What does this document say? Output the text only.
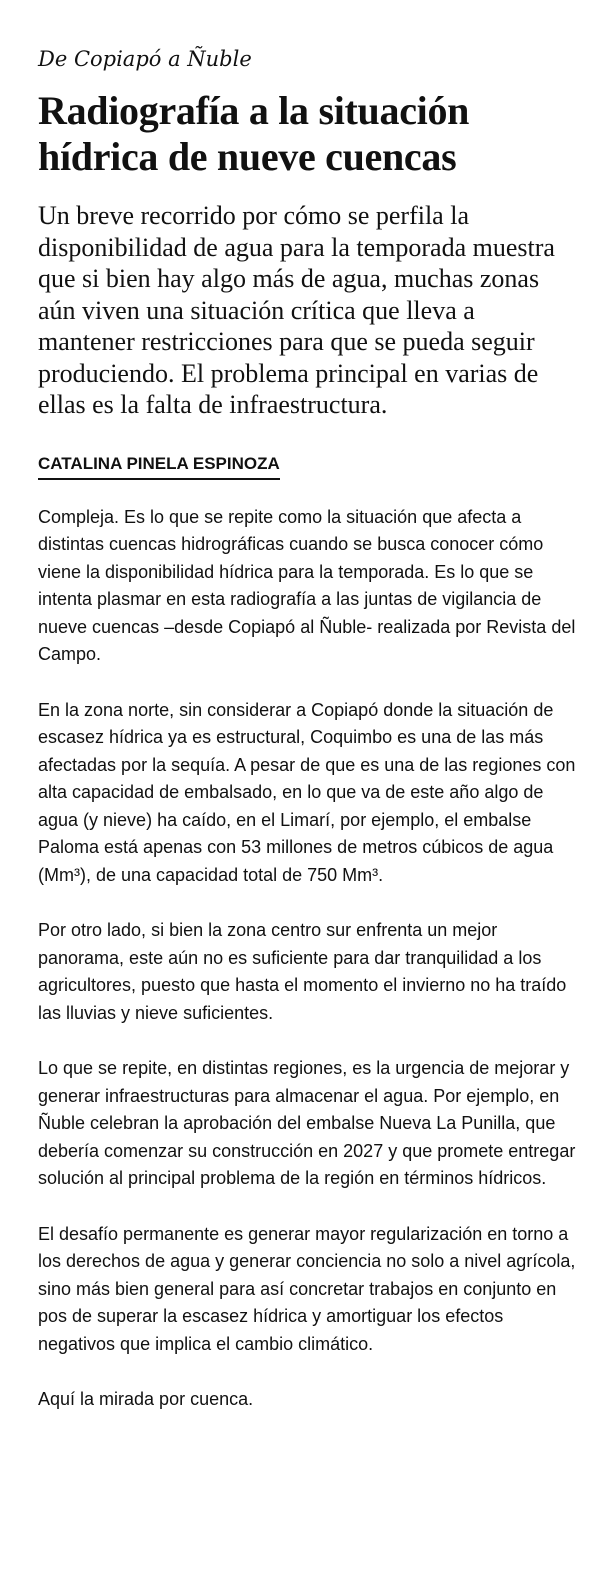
De Copiapó a Ñuble
Radiografía a la situación hídrica de nueve cuencas

Un breve recorrido por cómo se perfila la disponibilidad de agua para la temporada muestra que si bien hay algo más de agua, muchas zonas aún viven una situación crítica que lleva a mantener restricciones para que se pueda seguir produciendo. El problema principal en varias de ellas es la falta de infraestructura.

CATALINA PINELA ESPINOZA

Compleja. Es lo que se repite como la situación que afecta a distintas cuencas hidrográficas cuando se busca conocer cómo viene la disponibilidad hídrica para la temporada. Es lo que se intenta plasmar en esta radiografía a las juntas de vigilancia de nueve cuencas –desde Copiapó al Ñuble- realizada por Revista del Campo.

En la zona norte, sin considerar a Copiapó donde la situación de escasez hídrica ya es estructural, Coquimbo es una de las más afectadas por la sequía. A pesar de que es una de las regiones con alta capacidad de embalsado, en lo que va de este año algo de agua (y nieve) ha caído, en el Limarí, por ejemplo, el embalse Paloma está apenas con 53 millones de metros cúbicos de agua (Mm³), de una capacidad total de 750 Mm³.

Por otro lado, si bien la zona centro sur enfrenta un mejor panorama, este aún no es suficiente para dar tranquilidad a los agricultores, puesto que hasta el momento el invierno no ha traído las lluvias y nieve suficientes.

Lo que se repite, en distintas regiones, es la urgencia de mejorar y generar infraestructuras para almacenar el agua. Por ejemplo, en Ñuble celebran la aprobación del embalse Nueva La Punilla, que debería comenzar su construcción en 2027 y que promete entregar solución al principal problema de la región en términos hídricos.

El desafío permanente es generar mayor regularización en torno a los derechos de agua y generar conciencia no solo a nivel agrícola, sino más bien general para así concretar trabajos en conjunto en pos de superar la escasez hídrica y amortiguar los efectos negativos que implica el cambio climático.

Aquí la mirada por cuenca.
